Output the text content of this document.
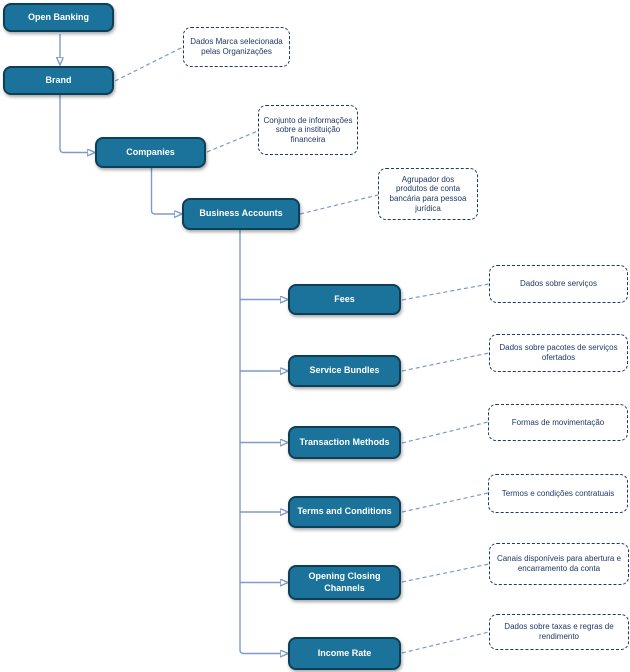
Open Banking
Brand
Companies
Business Accounts
Fees
Service Bundles
Transaction Methods
Terms and Conditions
Opening Closing Channels
Income Rate
Dados Marca selecionada pelas Organizações
Conjunto de informações sobre a instituição financeira
Agrupador dos produtos de conta bancária para pessoa jurídica
Dados sobre serviços
Dados sobre pacotes de serviços ofertados
Formas de movimentação
Termos e condições contratuais
Canais disponíveis para abertura e encarramento da conta
Dados sobre taxas e regras de rendimento
